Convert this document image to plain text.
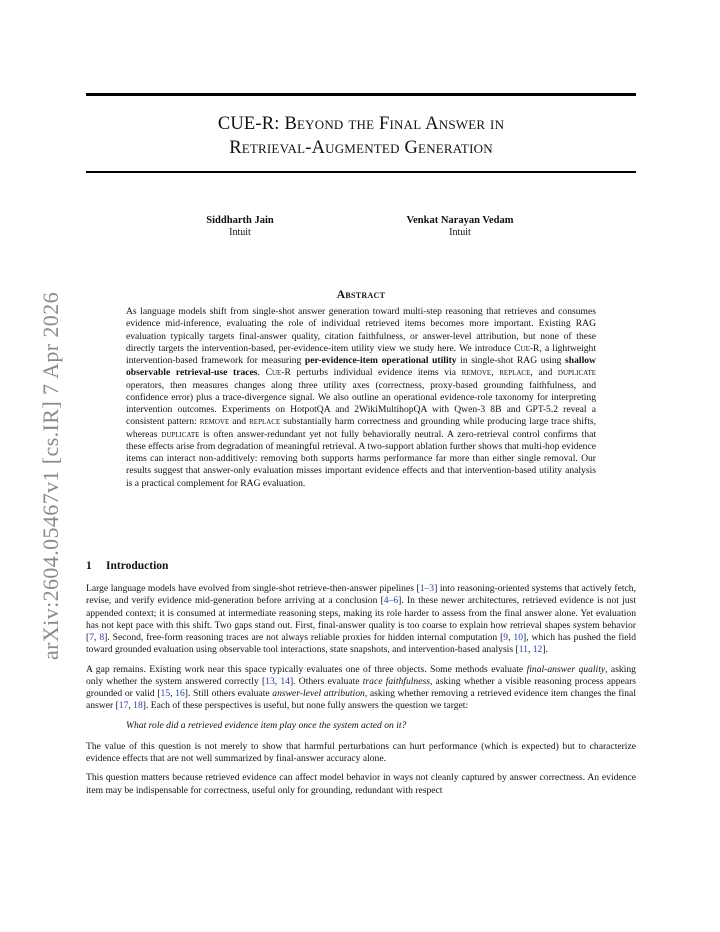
arXiv:2604.05467v1 [cs.IR] 7 Apr 2026
CUE-R: Beyond the Final Answer in
Retrieval-Augmented Generation
Siddharth Jain
Intuit
Venkat Narayan Vedam
Intuit
Abstract

As language models shift from single-shot answer generation toward multi-step reasoning that retrieves and consumes evidence mid-inference, evaluating the role of individual retrieved items becomes more important. Existing RAG evaluation typically targets final-answer quality, citation faithfulness, or answer-level attribution, but none of these directly targets the intervention-based, per-evidence-item utility view we study here. We introduce Cue-R, a lightweight intervention-based framework for measuring per-evidence-item operational utility in single-shot RAG using shallow observable retrieval-use traces. Cue-R perturbs individual evidence items via remove, replace, and duplicate operators, then measures changes along three utility axes (correctness, proxy-based grounding faithfulness, and confidence error) plus a trace-divergence signal. We also outline an operational evidence-role taxonomy for interpreting intervention outcomes. Experiments on HotpotQA and 2WikiMultihopQA with Qwen-3 8B and GPT-5.2 reveal a consistent pattern: remove and replace substantially harm correctness and grounding while producing large trace shifts, whereas duplicate is often answer-redundant yet not fully behaviorally neutral. A zero-retrieval control confirms that these effects arise from degradation of meaningful retrieval. A two-support ablation further shows that multi-hop evidence items can interact non-additively: removing both supports harms performance far more than either single removal. Our results suggest that answer-only evaluation misses important evidence effects and that intervention-based utility analysis is a practical complement for RAG evaluation.

1 Introduction

Large language models have evolved from single-shot retrieve-then-answer pipelines [1–3] into reasoning-oriented systems that actively fetch, revise, and verify evidence mid-generation before arriving at a conclusion [4–6]. In these newer architectures, retrieved evidence is not just appended context; it is consumed at intermediate reasoning steps, making its role harder to assess from the final answer alone. Yet evaluation has not kept pace with this shift. Two gaps stand out. First, final-answer quality is too coarse to explain how retrieval shapes system behavior [7, 8]. Second, free-form reasoning traces are not always reliable proxies for hidden internal computation [9, 10], which has pushed the field toward grounded evaluation using observable tool interactions, state snapshots, and intervention-based analysis [11, 12].

A gap remains. Existing work near this space typically evaluates one of three objects. Some methods evaluate final-answer quality, asking only whether the system answered correctly [13, 14]. Others evaluate trace faithfulness, asking whether a visible reasoning process appears grounded or valid [15, 16]. Still others evaluate answer-level attribution, asking whether removing a retrieved evidence item changes the final answer [17, 18]. Each of these perspectives is useful, but none fully answers the question we target:

What role did a retrieved evidence item play once the system acted on it?

The value of this question is not merely to show that harmful perturbations can hurt performance (which is expected) but to characterize evidence effects that are not well summarized by final-answer accuracy alone.

This question matters because retrieved evidence can affect model behavior in ways not cleanly captured by answer correctness. An evidence item may be indispensable for correctness, useful only for grounding, redundant with respect
